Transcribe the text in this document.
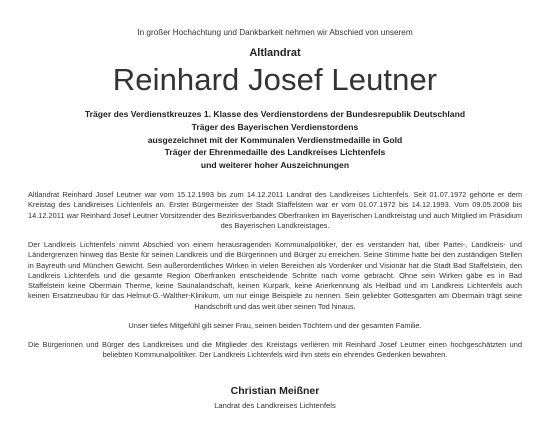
In großer Hochachtung und Dankbarkeit nehmen wir Abschied von unserem
Altlandrat
Reinhard Josef Leutner
Träger des Verdienstkreuzes 1. Klasse des Verdienstordens der Bundesrepublik Deutschland
Träger des Bayerischen Verdienstordens
ausgezeichnet mit der Kommunalen Verdienstmedaille in Gold
Träger der Ehrenmedaille des Landkreises Lichtenfels
und weiterer hoher Auszeichnungen
Altlandrat Reinhard Josef Leutner war vom 15.12.1993 bis zum 14.12.2011 Landrat des Landkreises Lichtenfels. Seit 01.07.1972 gehörte er dem Kreistag des Landkreises Lichtenfels an. Erster Bürgermeister der Stadt Staffelstein war er vom 01.07.1972 bis 14.12.1993. Vom 09.05.2008 bis 14.12.2011 war Reinhard Josef Leutner Vorsitzender des Bezirksverbandes Oberfranken im Bayerischen Landkreistag und auch Mitglied im Präsidium des Bayerischen Landkreistages.
Der Landkreis Lichtenfels nimmt Abschied von einem herausragenden Kommunalpolitiker, der es verstanden hat, über Partei-, Landkreis- und Ländergrenzen hinweg das Beste für seinen Landkreis und die Bürgerinnen und Bürger zu erreichen. Seine Stimme hatte bei den zuständigen Stellen in Bayreuth und München Gewicht. Sein außerordentliches Wirken in vielen Bereichen als Vordenker und Visionär hat die Stadt Bad Staffelstein, den Landkreis Lichtenfels und die gesamte Region Oberfranken entscheidende Schritte nach vorne gebracht. Ohne sein Wirken gäbe es in Bad Staffelstein keine Obermain Therme, keine Saunalandschaft, keinen Kurpark, keine Anerkennung als Heilbad und im Landkreis Lichtenfels auch keinen Ersatzneubau für das Helmut-G.-Walther-Klinikum, um nur einige Beispiele zu nennen. Sein geliebter Gottesgarten am Obermain trägt seine Handschrift und das weit über seinen Tod hinaus.
Unser tiefes Mitgefühl gilt seiner Frau, seinen beiden Töchtern und der gesamten Familie.
Die Bürgerinnen und Bürger des Landkreises und die Mitglieder des Kreistags verlieren mit Reinhard Josef Leutner einen hochgeschätzten und beliebten Kommunalpolitiker. Der Landkreis Lichtenfels wird ihm stets ein ehrendes Gedenken bewahren.
Christian Meißner
Landrat des Landkreises Lichtenfels
